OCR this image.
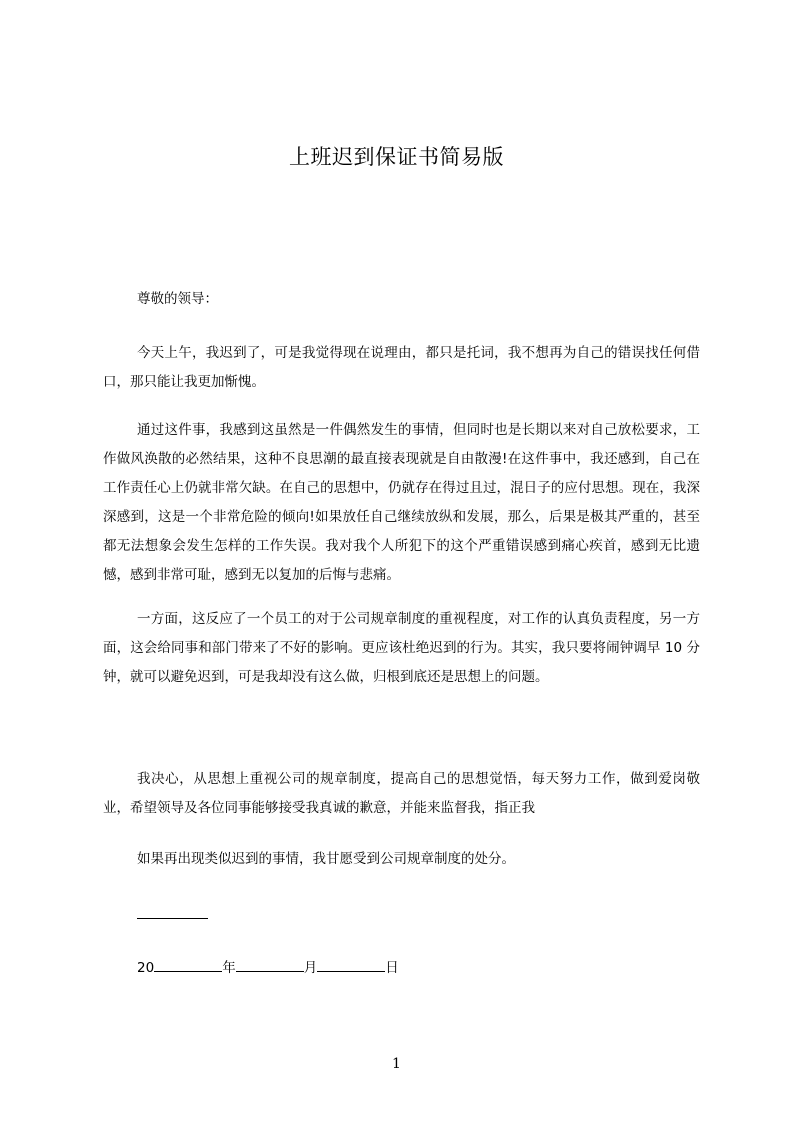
上班迟到保证书简易版

尊敬的领导：

今天上午，我迟到了，可是我觉得现在说理由，都只是托词，我不想再为自己的错误找任何借口，那只能让我更加惭愧。

通过这件事，我感到这虽然是一件偶然发生的事情，但同时也是长期以来对自己放松要求，工作做风涣散的必然结果，这种不良思潮的最直接表现就是自由散漫!在这件事中，我还感到，自己在工作责任心上仍就非常欠缺。在自己的思想中，仍就存在得过且过，混日子的应付思想。现在，我深深感到，这是一个非常危险的倾向!如果放任自己继续放纵和发展，那么，后果是极其严重的，甚至都无法想象会发生怎样的工作失误。我对我个人所犯下的这个严重错误感到痛心疾首，感到无比遗憾，感到非常可耻，感到无以复加的后悔与悲痛。

一方面，这反应了一个员工的对于公司规章制度的重视程度，对工作的认真负责程度，另一方面，这会给同事和部门带来了不好的影响。更应该杜绝迟到的行为。其实，我只要将闹钟调早 10 分钟，就可以避免迟到，可是我却没有这么做，归根到底还是思想上的问题。

我决心，从思想上重视公司的规章制度，提高自己的思想觉悟，每天努力工作，做到爱岗敬业，希望领导及各位同事能够接受我真诚的歉意，并能来监督我，指正我

如果再出现类似迟到的事情，我甘愿受到公司规章制度的处分。

20	年	月	日
1
